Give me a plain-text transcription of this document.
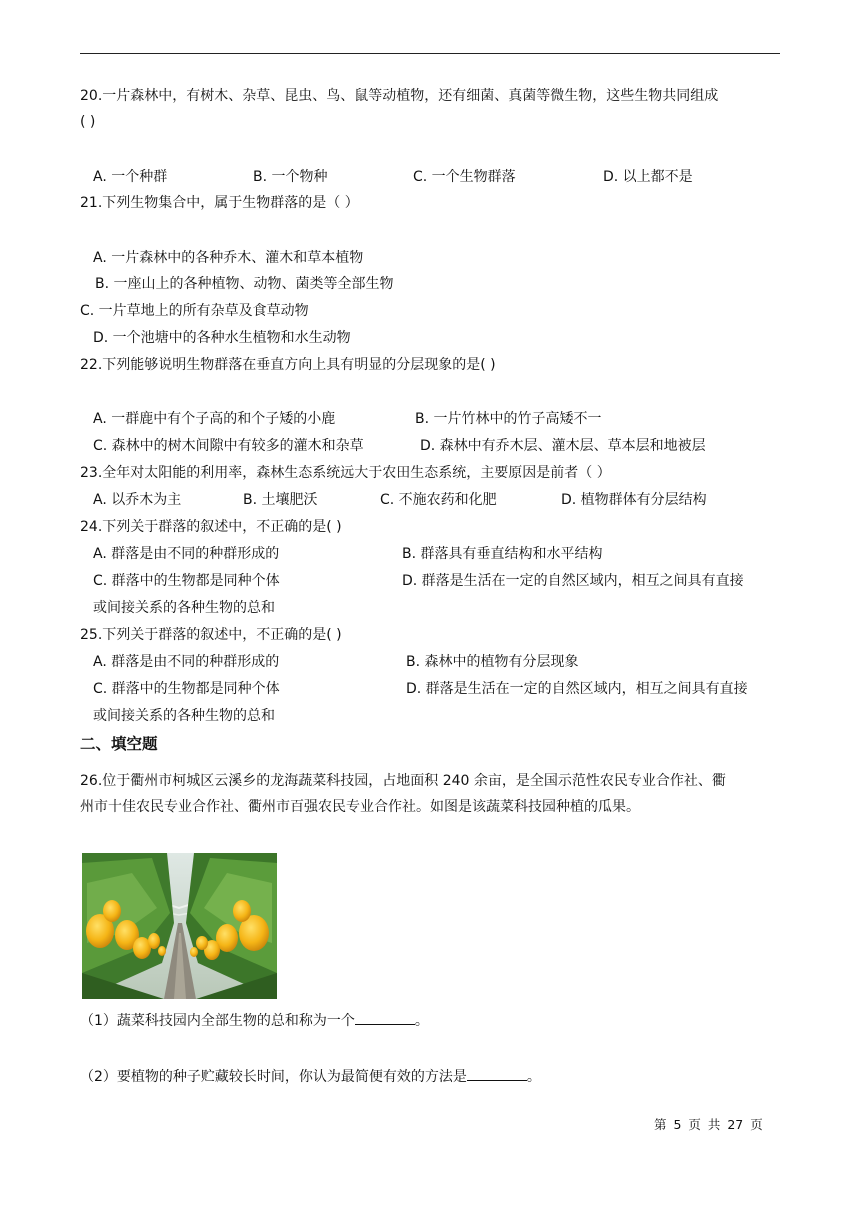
20.一片森林中，有树木、杂草、昆虫、鸟、鼠等动植物，还有细菌、真菌等微生物，这些生物共同组成
( )
A. 一个种群	B. 一个物种	C. 一个生物群落	D. 以上都不是
21.下列生物集合中，属于生物群落的是（ ）
A. 一片森林中的各种乔木、灌木和草本植物
B. 一座山上的各种植物、动物、菌类等全部生物
C. 一片草地上的所有杂草及食草动物
D. 一个池塘中的各种水生植物和水生动物
22.下列能够说明生物群落在垂直方向上具有明显的分层现象的是( )
A. 一群鹿中有个子高的和个子矮的小鹿	B. 一片竹林中的竹子高矮不一
C. 森林中的树木间隙中有较多的灌木和杂草	D. 森林中有乔木层、灌木层、草本层和地被层
23.全年对太阳能的利用率，森林生态系统远大于农田生态系统，主要原因是前者（ ）
A. 以乔木为主	B. 土壤肥沃	C. 不施农药和化肥	D. 植物群体有分层结构
24.下列关于群落的叙述中，不正确的是( )
A. 群落是由不同的种群形成的	B. 群落具有垂直结构和水平结构
C. 群落中的生物都是同种个体	D. 群落是生活在一定的自然区域内，相互之间具有直接
或间接关系的各种生物的总和
25.下列关于群落的叙述中，不正确的是( )
A. 群落是由不同的种群形成的	B. 森林中的植物有分层现象
C. 群落中的生物都是同种个体	D. 群落是生活在一定的自然区域内，相互之间具有直接
或间接关系的各种生物的总和
二、填空题
26.位于衢州市柯城区云溪乡的龙海蔬菜科技园，占地面积 240 余亩，是全国示范性农民专业合作社、衢
州市十佳农民专业合作社、衢州市百强农民专业合作社。如图是该蔬菜科技园种植的瓜果。
（1）蔬菜科技园内全部生物的总和称为一个	。
（2）要植物的种子贮藏较长时间，你认为最简便有效的方法是	。
第 5 页 共 27 页
